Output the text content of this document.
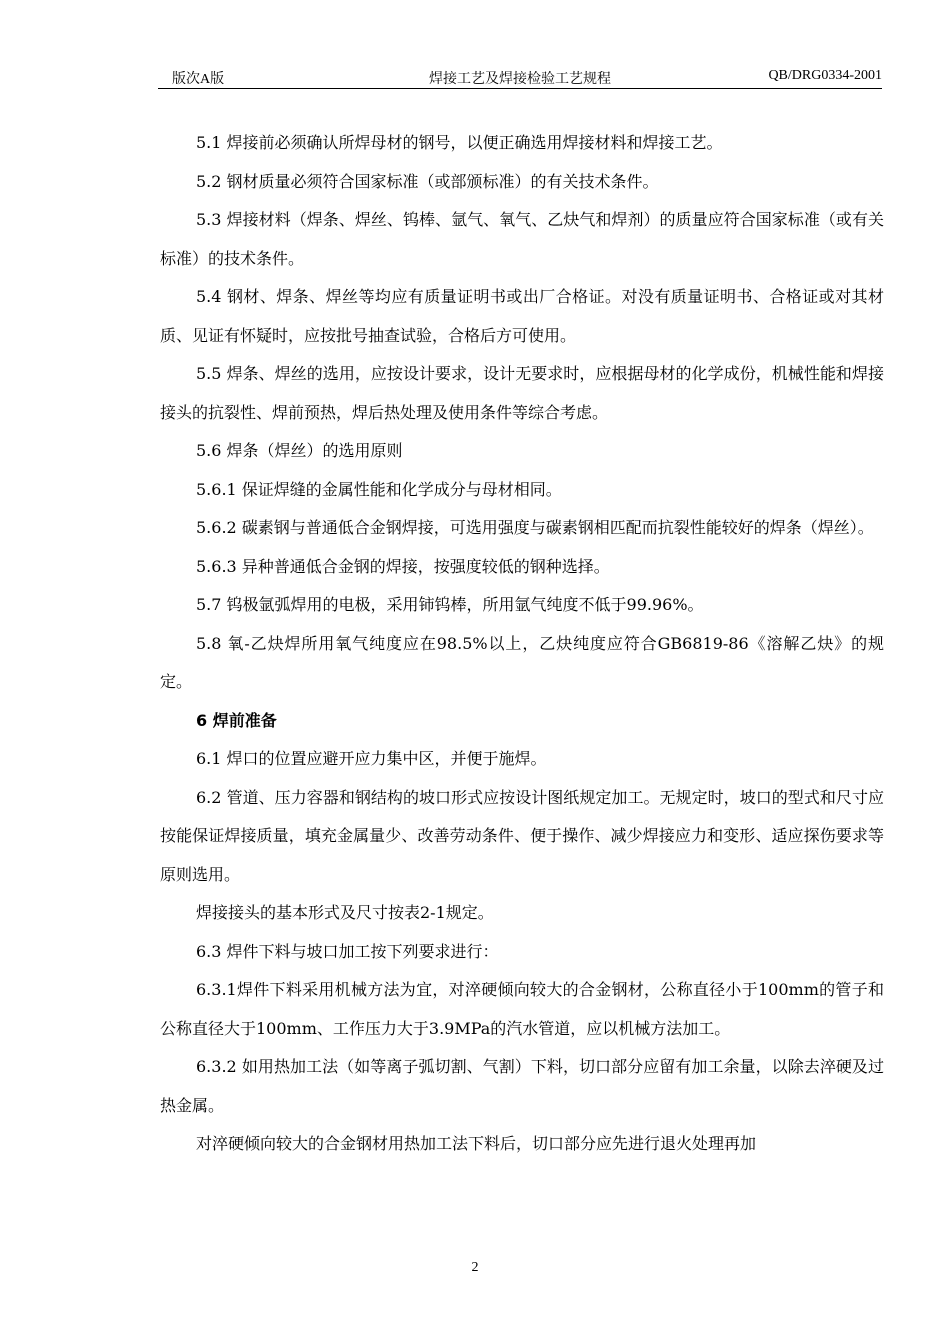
版次A版	焊接工艺及焊接检验工艺规程	QB/DRG0334-2001

5.1 焊接前必须确认所焊母材的钢号，以便正确选用焊接材料和焊接工艺。

5.2 钢材质量必须符合国家标准（或部颁标准）的有关技术条件。

5.3 焊接材料（焊条、焊丝、钨棒、氩气、氧气、乙炔气和焊剂）的质量应符合国家标准（或有关标准）的技术条件。

5.4 钢材、焊条、焊丝等均应有质量证明书或出厂合格证。对没有质量证明书、合格证或对其材质、见证有怀疑时，应按批号抽查试验，合格后方可使用。

5.5 焊条、焊丝的选用，应按设计要求，设计无要求时，应根据母材的化学成份，机械性能和焊接接头的抗裂性、焊前预热，焊后热处理及使用条件等综合考虑。

5.6 焊条（焊丝）的选用原则

5.6.1 保证焊缝的金属性能和化学成分与母材相同。

5.6.2 碳素钢与普通低合金钢焊接，可选用强度与碳素钢相匹配而抗裂性能较好的焊条（焊丝）。

5.6.3 异种普通低合金钢的焊接，按强度较低的钢种选择。

5.7 钨极氩弧焊用的电极，采用铈钨棒，所用氩气纯度不低于99.96%。

5.8 氧-乙炔焊所用氧气纯度应在98.5%以上，乙炔纯度应符合GB6819-86《溶解乙炔》的规定。

6 焊前准备

6.1 焊口的位置应避开应力集中区，并便于施焊。

6.2 管道、压力容器和钢结构的坡口形式应按设计图纸规定加工。无规定时，坡口的型式和尺寸应按能保证焊接质量，填充金属量少、改善劳动条件、便于操作、减少焊接应力和变形、适应探伤要求等原则选用。

焊接接头的基本形式及尺寸按表2-1规定。

6.3 焊件下料与坡口加工按下列要求进行：

6.3.1焊件下料采用机械方法为宜，对淬硬倾向较大的合金钢材，公称直径小于100mm的管子和公称直径大于100mm、工作压力大于3.9MPa的汽水管道，应以机械方法加工。

6.3.2 如用热加工法（如等离子弧切割、气割）下料，切口部分应留有加工余量，以除去淬硬及过热金属。

对淬硬倾向较大的合金钢材用热加工法下料后，切口部分应先进行退火处理再加

2
